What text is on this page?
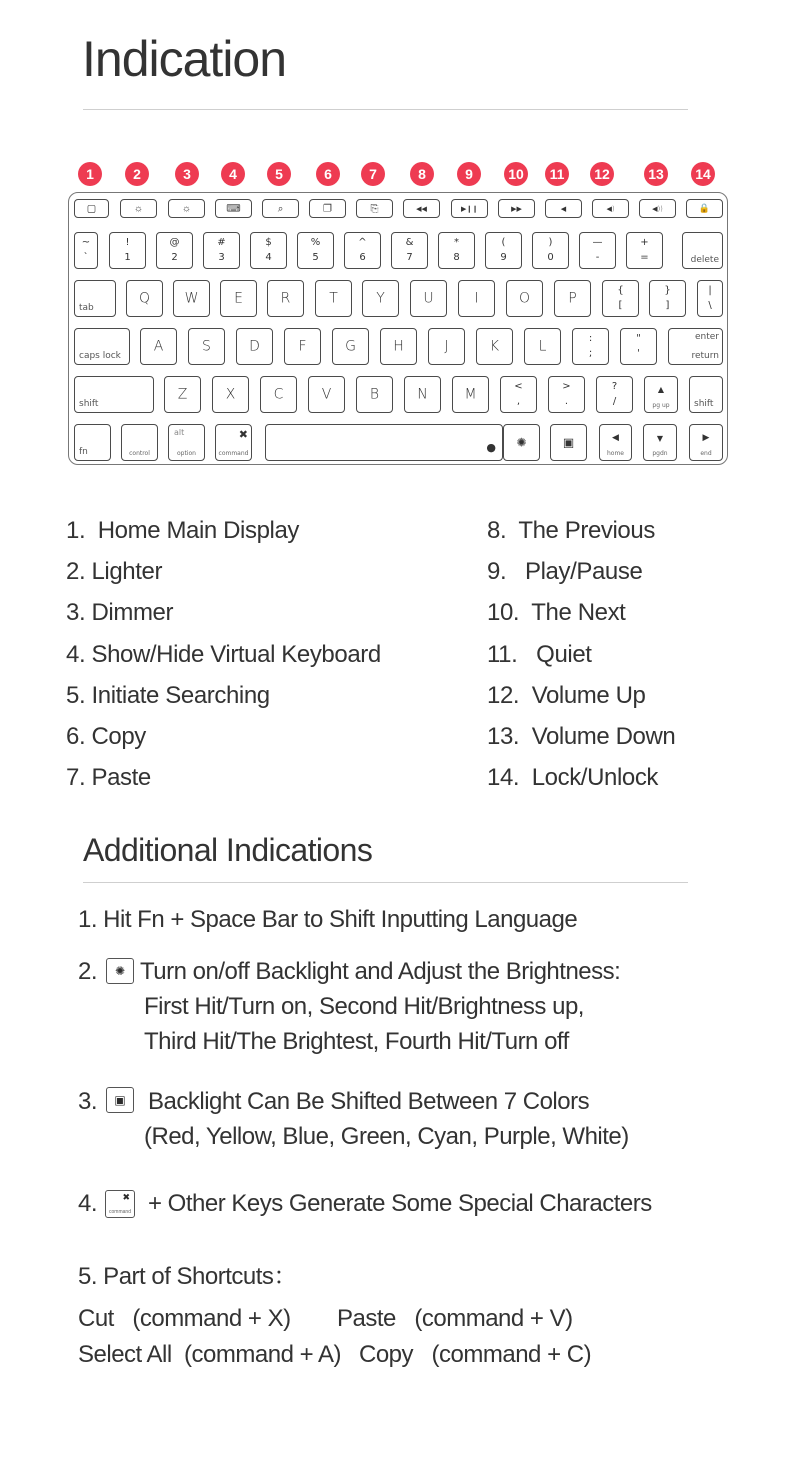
Indication
1	2	3	4	5	6	7	8	9	10	11	12	13	14
▢	☼	☼	⌨	⌕	❐	⎘	◀◀	▶❙❙	▶▶	◀	◀)	◀))	🔒
~
`
!
1
@
2
#
3
$
4
%
5
^
6
&
7
*
8
(
9
)
0
—
-
+
=	delete
tab
Q	W	E	R	T	Y	U	I	O	P	{
[
}
]
|
\
caps lock
A	S	D	F	G	H	J	K	L	:
;
"
'
enter
return
shift
Z	X	C	V	B	N	M	<
,
>
.
?
/
▲
pg up	shift
fn	control
alt
option
✖
command	●	✺	▣	◀
home
▼
pgdn
▶
end
1.  Home Main Display
2. Lighter
3. Dimmer
4. Show/Hide Virtual Keyboard
5. Initiate Searching
6. Copy
7. Paste
8.  The Previous
9.   Play/Pause
10.  The Next
11.   Quiet
12.  Volume Up
13.  Volume Down
14.  Lock/Unlock
Additional Indications
1. Hit Fn + Space Bar to Shift Inputting Language
2.	✺ Turn on/off Backlight and Adjust the Brightness:
First Hit/Turn on, Second Hit/Brightness up,
Third Hit/The Brightest, Fourth Hit/Turn off
3.	▣ Backlight Can Be Shifted Between 7 Colors
(Red, Yellow, Blue, Green, Cyan, Purple, White)
4.	✖
command + Other Keys Generate Some Special Characters
5. Part of Shortcuts：
Cut   (command + X) Paste   (command + V)
Select All  (command + A) Copy   (command + C)
